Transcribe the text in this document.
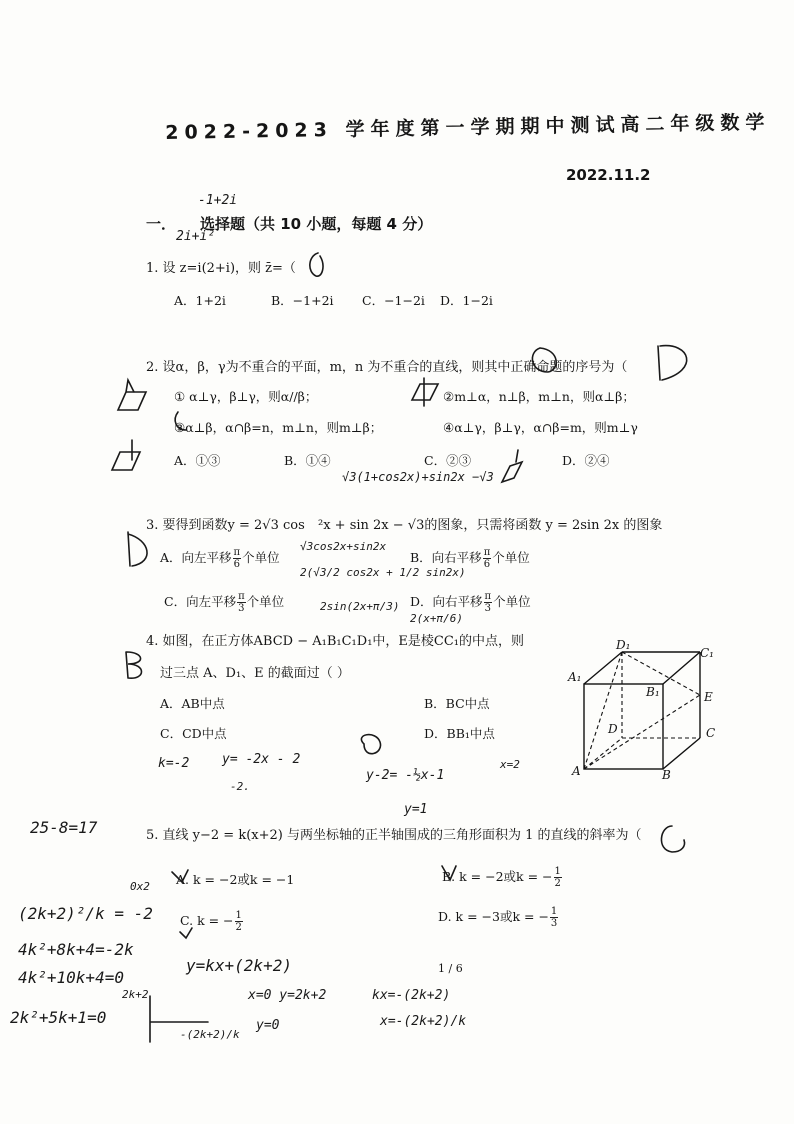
2022-2023 学年度第一学期期中测试高二年级数学
2022.11.2
一． 选择题（共 10 小题，每题 4 分）
1. 设 z=i(2+i)，则 z̄=（
A．1+2i	B．−1+2i C．−1−2i D．1−2i
2. 设α，β，γ为不重合的平面，m，n 为不重合的直线，则其中正确命题的序号为（
① α⊥γ，β⊥γ，则α//β；	②m⊥α，n⊥β，m⊥n，则α⊥β；
③α⊥β，α∩β=n，m⊥n，则m⊥β；	④α⊥γ，β⊥γ，α∩β=m，则m⊥γ
A．①③	B．①④	C．②③	D．②④
3. 要得到函数y = 2√3 cos ²x + sin 2x − √3的图象，只需将函数 y = 2sin 2x 的图象
A．向左平移 $\frac{\pi}{6}$ 个单位	B．向右平移 $\frac{\pi}{6}$ 个单位
C．向左平移 $\frac{\pi}{3}$ 个单位	D．向右平移 $\frac{\pi}{3}$ 个单位
4. 如图，在正方体ABCD − A₁B₁C₁D₁中，E是棱CC₁的中点，则
过三点 A、D₁、E 的截面过（ ）
A．AB中点	B．BC中点
C．CD中点	D．BB₁中点
D₁
C₁
A₁
B₁	E
D	C
A	B
5. 直线 y−2 = k(x+2) 与两坐标轴的正半轴围成的三角形面积为 1 的直线的斜率为（
A. k = −2或k = −1	B. k = −2或k = − $\frac{1}{2}$
C. k = − $\frac{1}{2}$	D. k = −3或k = − $\frac{1}{3}$
1 / 6
-1+2i
2i+i²
√3(1+cos2x)+sin2x −√3
√3cos2x+sin2x
2(√3/2 cos2x + 1/2 sin2x)
2sin(2x+π/3)
2(x+π/6)
k=-2	y= -2x - 2
-2.
y-2= -½x-1
y=1
x=2
25-8=17
0x2
(2k+2)²/k = -2
4k²+8k+4=-2k
4k²+10k+4=0
2k²+5k+1=0
y=kx+(2k+2)
x=0 y=2k+2	kx=-(2k+2)
x=-(2k+2)/k
y=0
2k+2
-(2k+2)/k
